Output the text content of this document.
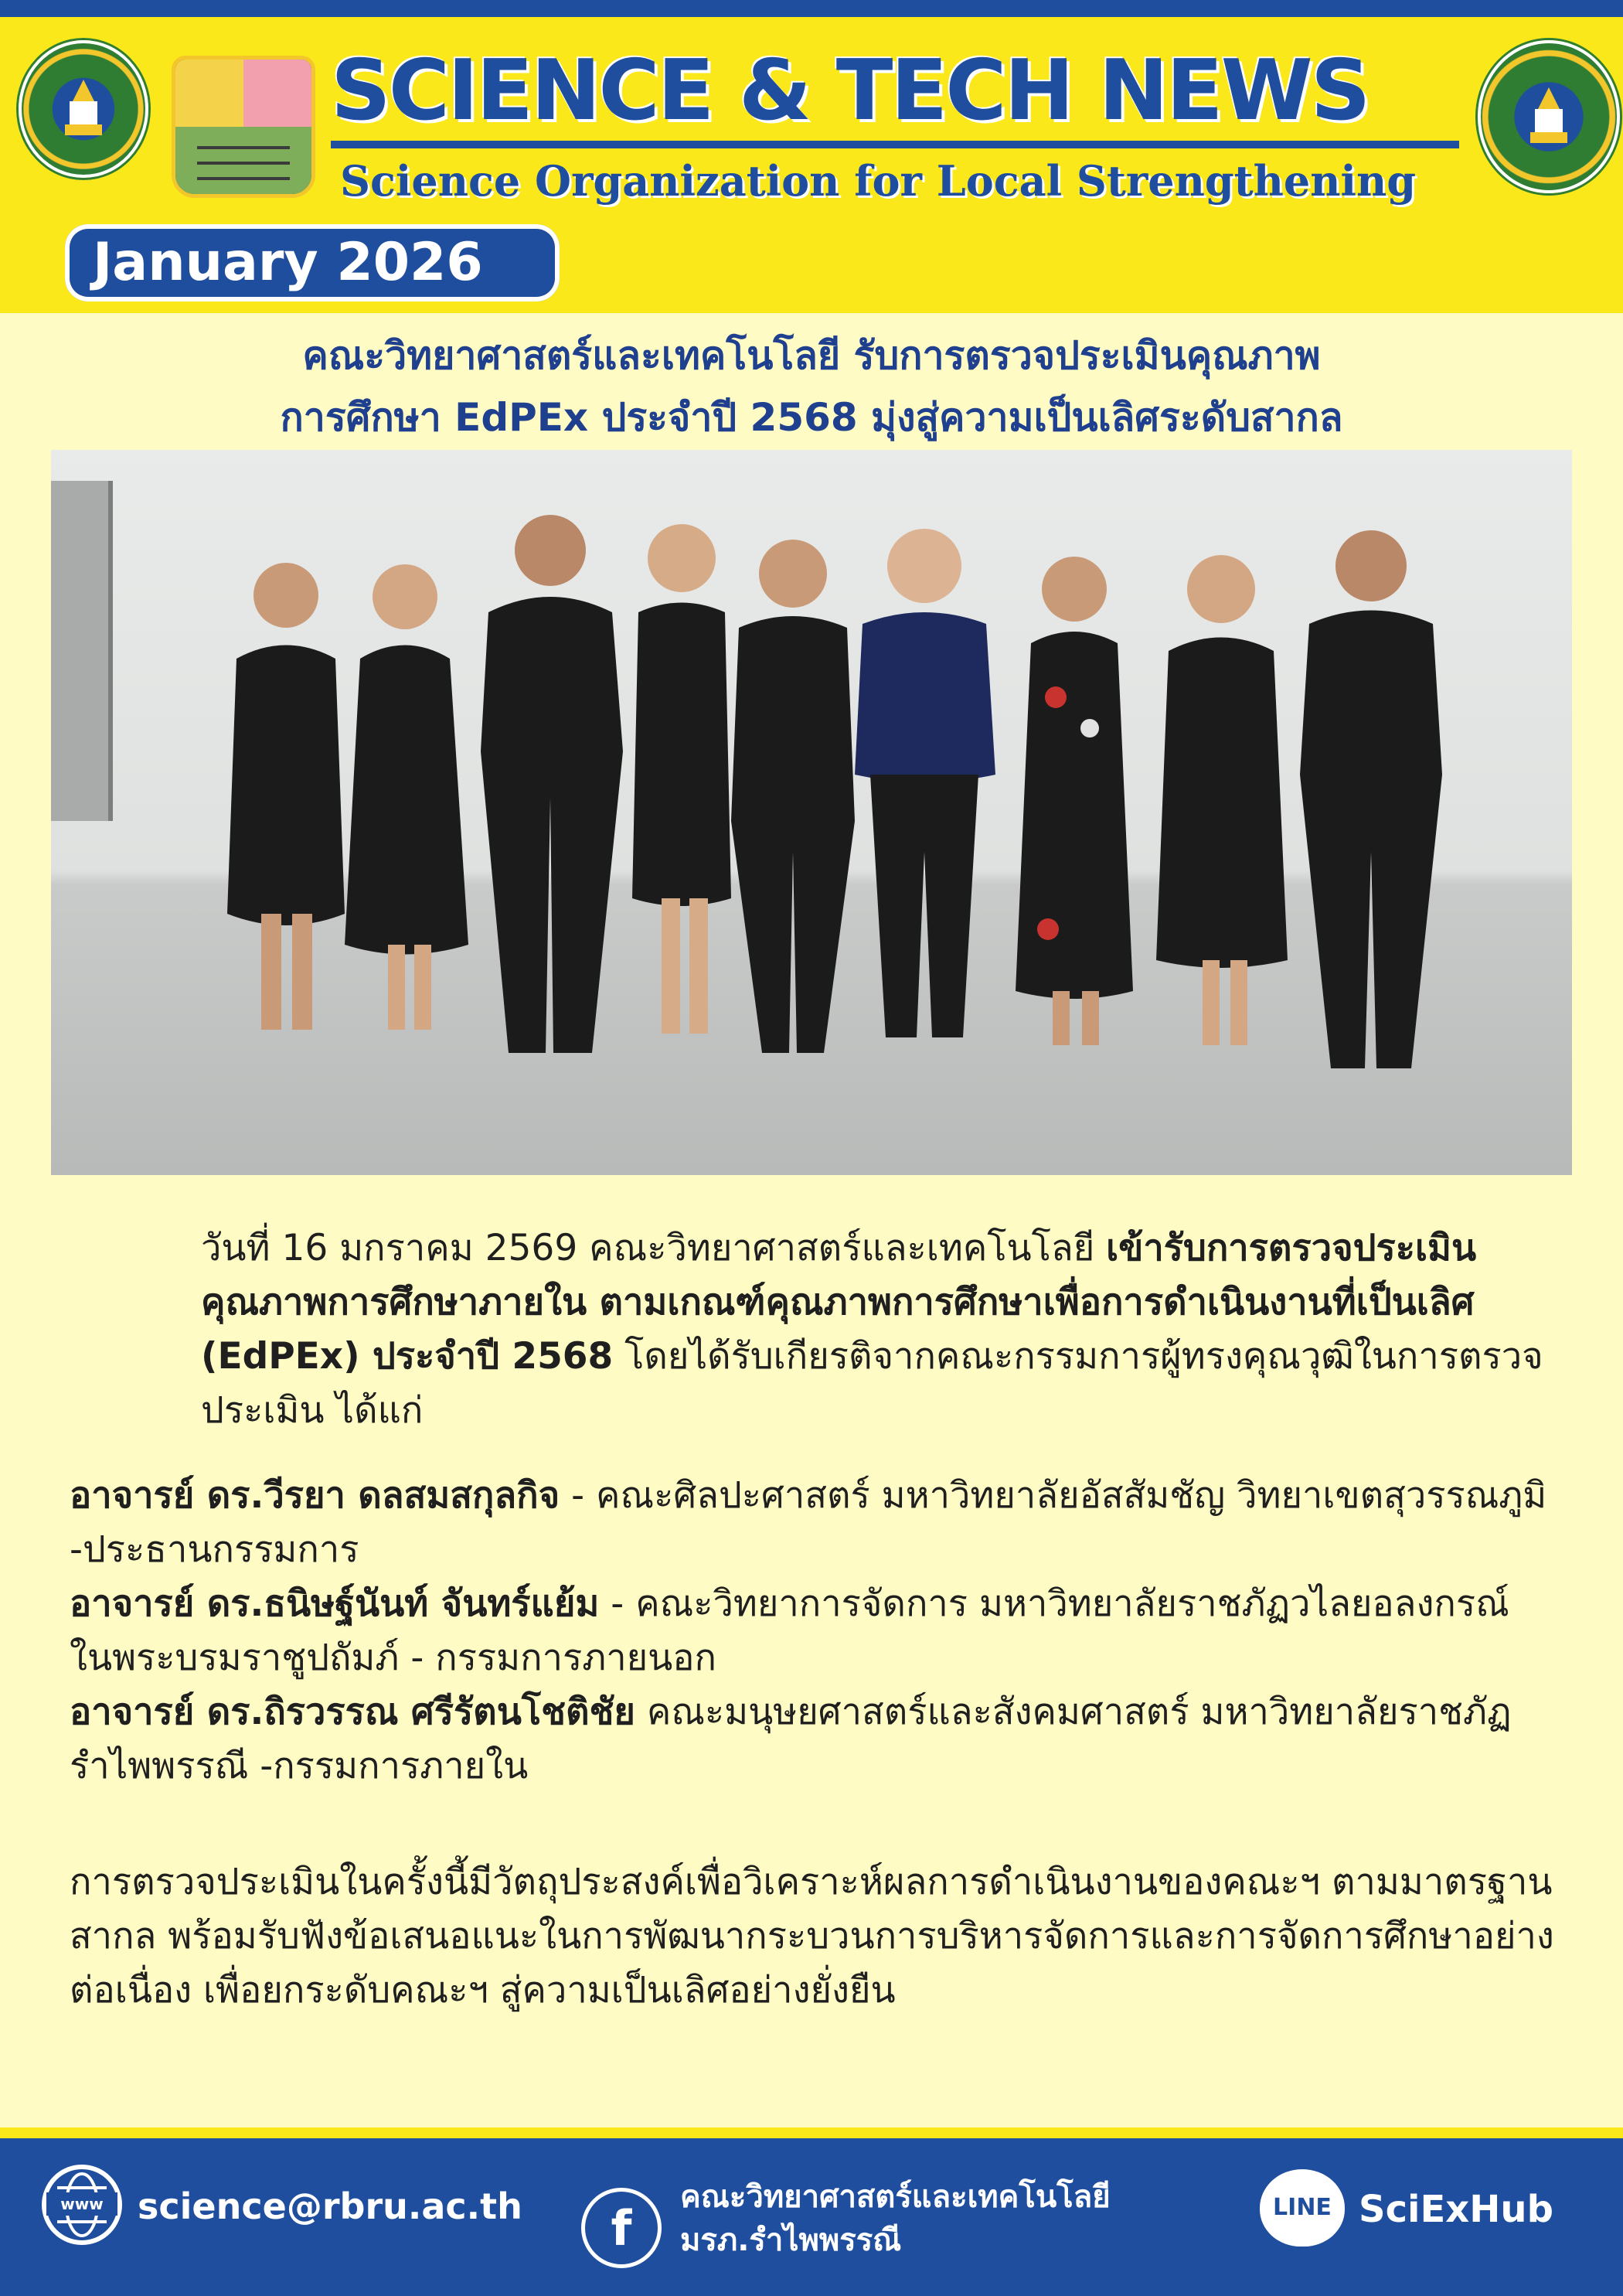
SCIENCE & TECH NEWS
Science Organization for Local Strengthening
January 2026
คณะวิทยาศาสตร์และเทคโนโลยี รับการตรวจประเมินคุณภาพ
การศึกษา EdPEx ประจำปี 2568 มุ่งสู่ความเป็นเลิศระดับสากล

วันที่ 16 มกราคม 2569 คณะวิทยาศาสตร์และเทคโนโลยี เข้ารับการตรวจประเมินคุณภาพการศึกษาภายใน ตามเกณฑ์คุณภาพการศึกษาเพื่อการดำเนินงานที่เป็นเลิศ (EdPEx) ประจำปี 2568 โดยได้รับเกียรติจากคณะกรรมการผู้ทรงคุณวุฒิในการตรวจประเมิน ได้แก่

อาจารย์ ดร.วีรยา ดลสมสกุลกิจ - คณะศิลปะศาสตร์ มหาวิทยาลัยอัสสัมชัญ วิทยาเขตสุวรรณภูมิ -ประธานกรรมการ

อาจารย์ ดร.ธนิษฐ์นันท์ จันทร์แย้ม - คณะวิทยาการจัดการ มหาวิทยาลัยราชภัฏวไลยอลงกรณ์ ในพระบรมราชูปถัมภ์ - กรรมการภายนอก

อาจารย์ ดร.ถิรวรรณ ศรีรัตนโชติชัย คณะมนุษยศาสตร์และสังคมศาสตร์ มหาวิทยาลัยราชภัฏรำไพพรรณี -กรรมการภายใน

การตรวจประเมินในครั้งนี้มีวัตถุประสงค์เพื่อวิเคราะห์ผลการดำเนินงานของคณะฯ ตามมาตรฐานสากล พร้อมรับฟังข้อเสนอแนะในการพัฒนากระบวนการบริหารจัดการและการจัดการศึกษาอย่างต่อเนื่อง เพื่อยกระดับคณะฯ สู่ความเป็นเลิศอย่างยั่งยืน

www science@rbru.ac.th	f
คณะวิทยาศาสตร์และเทคโนโลยี
มรภ.รำไพพรรณี
LINE SciExHub
